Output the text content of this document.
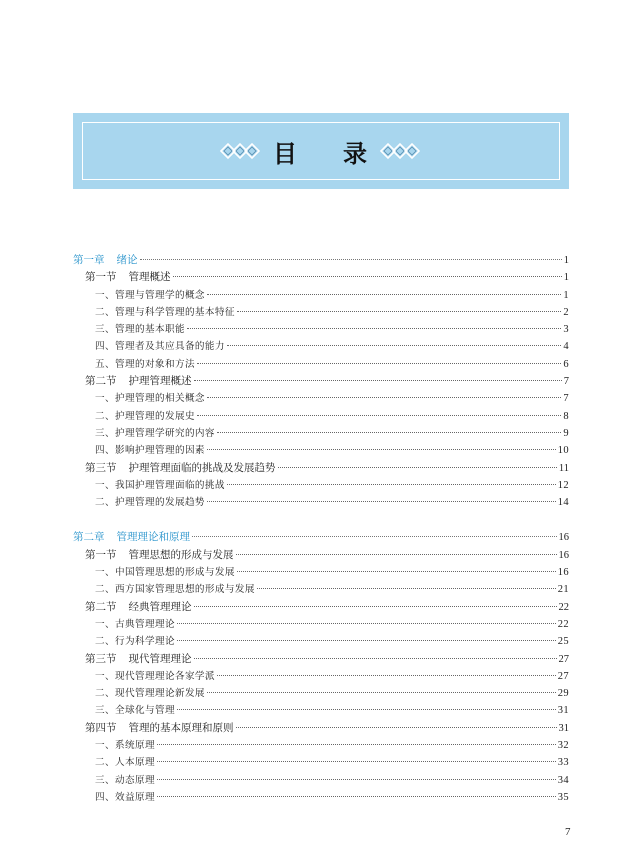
目 录
第一章 绪论	1
第一节 管理概述	1
一、管理与管理学的概念	1
二、管理与科学管理的基本特征	2
三、管理的基本职能	3
四、管理者及其应具备的能力	4
五、管理的对象和方法	6
第二节 护理管理概述	7
一、护理管理的相关概念	7
二、护理管理的发展史	8
三、护理管理学研究的内容	9
四、影响护理管理的因素	10
第三节 护理管理面临的挑战及发展趋势	11
一、我国护理管理面临的挑战	12
二、护理管理的发展趋势	14
第二章 管理理论和原理	16
第一节 管理思想的形成与发展	16
一、中国管理思想的形成与发展	16
二、西方国家管理思想的形成与发展	21
第二节 经典管理理论	22
一、古典管理理论	22
二、行为科学理论	25
第三节 现代管理理论	27
一、现代管理理论各家学派	27
二、现代管理理论新发展	29
三、全球化与管理	31
第四节 管理的基本原理和原则	31
一、系统原理	32
二、人本原理	33
三、动态原理	34
四、效益原理	35
7
